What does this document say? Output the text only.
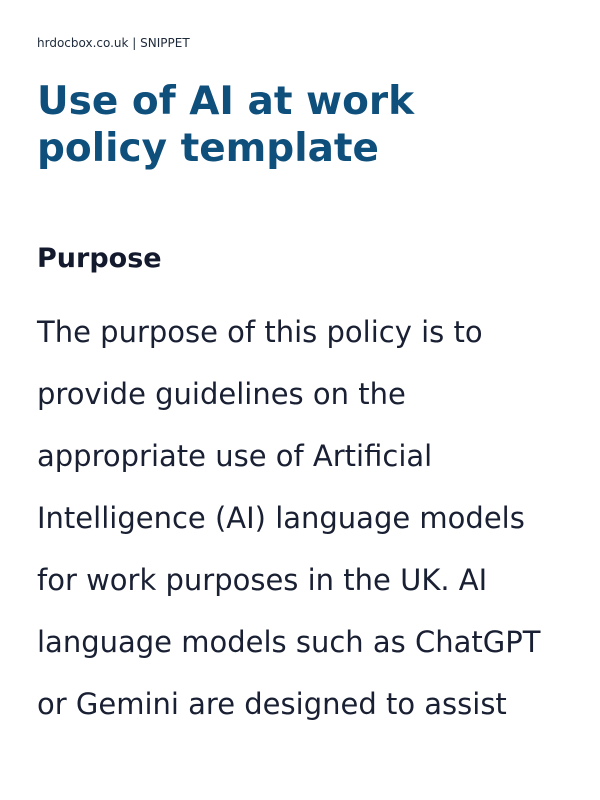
hrdocbox.co.uk | SNIPPET
Use of AI at work
policy template
Purpose
The purpose of this policy is to
provide guidelines on the
appropriate use of Artificial
Intelligence (AI) language models
for work purposes in the UK. AI
language models such as ChatGPT
or Gemini are designed to assist
